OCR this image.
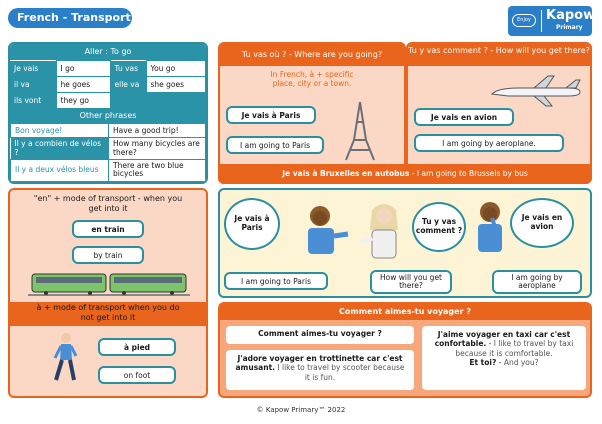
French - Transport	Enjoy	Kapow
Primary
Aller : To go
Je vais	I go	Tu vas	You go
il va	he goes	elle va	she goes
ils vont	they go		
Other phrases
Bon voyage!	Have a good trip!
Il y a combien de vélos ?	How many bicycles are there?
Il y a deux vélos bleus	There are two blue bicycles
"en" + mode of transport - when you get into it
en train
by train
à + mode of transport when you do not get into it
à pied
on foot
Tu vas où ? - Where are you going?
In French, à + specific place, city or a town.
Je vais à Paris
I am going to Paris
Tu y vas comment ? - How will you get there?
Je vais en avion
I am going by aeroplane.
Je vais à Bruxelles en autobus - I am going to Brussels by bus
Je vais à Paris
Tu y vas comment ?
Je vais en avion
I am going to Paris	How will you get there?
I am going by aeroplane
Comment aimes-tu voyager ?
Comment aimes-tu voyager ?
J'adore voyager en trottinette car c'est amusant. I like to travel by scooter because it is fun.
J'aime voyager en taxi car c'est confortable. - I like to travel by taxi because it is comfortable.
Et toi? - And you?
© Kapow Primary™ 2022
